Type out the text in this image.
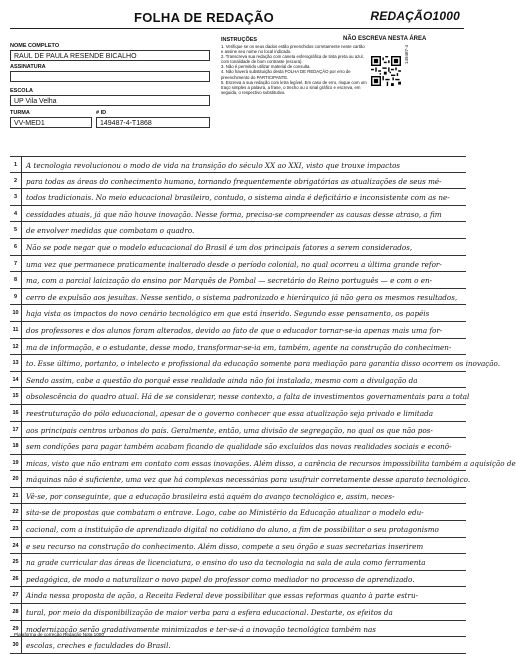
FOLHA DE REDAÇÃO	REDAÇÃO1000
NOME COMPLETO
RAUL DE PAULA RESENDE BICALHO
ASSINATURA
ESCOLA
UP Vila Velha
TURMA
VV-MED1
# ID
149487-4-T1868
INSTRUÇÕES	NÃO ESCREVA NESTA ÁREA
1. Verifique se os seus dados estão preenchidos corretamente neste cartão e assine seu nome no local indicado.
2. Transcreva sua redação com caneta esferográfica de tinta preta ou azul, com tonalidade de bom contraste (escura).
3. Não é permitido utilizar material de consulta.
4. Não haverá substituição desta FOLHA DE REDAÇÃO por erro de preenchimento do PARTICIPANTE.
5. Escreva a sua redação com letra legível. Em caso de erro, risque com um traço simples a palavra, a frase, o trecho ou o sinal gráfico e escreva, em seguida, o respectivo substitutivo.
149487-4
1	A tecnologia revolucionou o modo de vida na transição do século XX ao XXI, visto que trouxe impactos
2	para todas as áreas do conhecimento humano, tornando frequentemente obrigatórias as atualizações de seus mé-
3	todos tradicionais. No meio educacional brasileiro, contudo, o sistema ainda é deficitário e inconsistente com as ne-
4	cessidades atuais, já que não houve inovação. Nesse forma, precisa-se compreender as causas desse atraso, a fim
5	de envolver medidas que combatam o quadro.
6	Não se pode negar que o modelo educacional do Brasil é um dos principais fatores a serem considerados,
7	uma vez que permanece praticamente inalterado desde o período colonial, no qual ocorreu a última grande refor-
8	ma, com a parcial laicização do ensino por Marquês de Pombal — secretário do Reino português — e com o en-
9	cerro de expulsão aos jesuítas. Nesse sentido, o sistema padronizado e hierárquico já não gera os mesmos resultados,
10	haja vista os impactos do novo cenário tecnológico em que está inserido. Segundo esse pensamento, os papéis
11	dos professores e dos alunos foram alterados, devido ao fato de que o educador tornar-se-ia apenas mais uma for-
12	ma de informação, e o estudante, desse modo, transformar-se-ia em, também, agente na construção do conhecimen-
13	to. Esse último, portanto, o intelecto e profissional da educação somente para mediação para garantia disso ocorrem os inovação.
14	Sendo assim, cabe a questão do porquê esse realidade ainda não foi instalada, mesmo com a divulgação da
15	obsolescência do quadro atual. Há de se considerar, nesse contexto, a falta de investimentos governamentais para a total
16	reestruturação do pólo educacional, apesar de o governo conhecer que essa atualização seja privado e limitada
17	aos principais centros urbanos do país. Geralmente, então, uma divisão de segregação, no qual os que não pos-
18	sem condições para pagar também acabam ficando de qualidade são excluídos das novas realidades sociais e econô-
19	micas, visto que não entram em contato com essas inovações. Além disso, a carência de recursos impossibilita também a aquisição de
20	máquinas não é suficiente, uma vez que há complexas necessárias para usufruir corretamente desse aparato tecnológico.
21	Vê-se, por conseguinte, que a educação brasileira está aquém do avanço tecnológico e, assim, neces-
22	sita-se de propostas que combatam o entrave. Logo, cabe ao Ministério da Educação atualizar o modelo edu-
23	cacional, com a instituição de aprendizado digital no cotidiano do aluno, a fim de possibilitar o seu protagonismo
24	e seu recurso na construção do conhecimento. Além disso, compete a seu órgão e suas secretarias inserirem
25	na grade curricular das áreas de licenciatura, o ensino do uso da tecnologia na sala de aula como ferramenta
26	pedagógica, de modo a naturalizar o novo papel do professor como mediador no processo de aprendizado.
27	Ainda nessa proposta de ação, a Receita Federal deve possibilitar que essas reformas quanto à parte estru-
28	tural, por meio da disponibilização de maior verba para a esfera educacional. Destarte, os efeitos da
29	modernização serão gradativamente minimizados e ter-se-á a inovação tecnológica também nas
30	escolas, creches e faculdades do Brasil.
Plataforma de correção Redação Nota 1000
